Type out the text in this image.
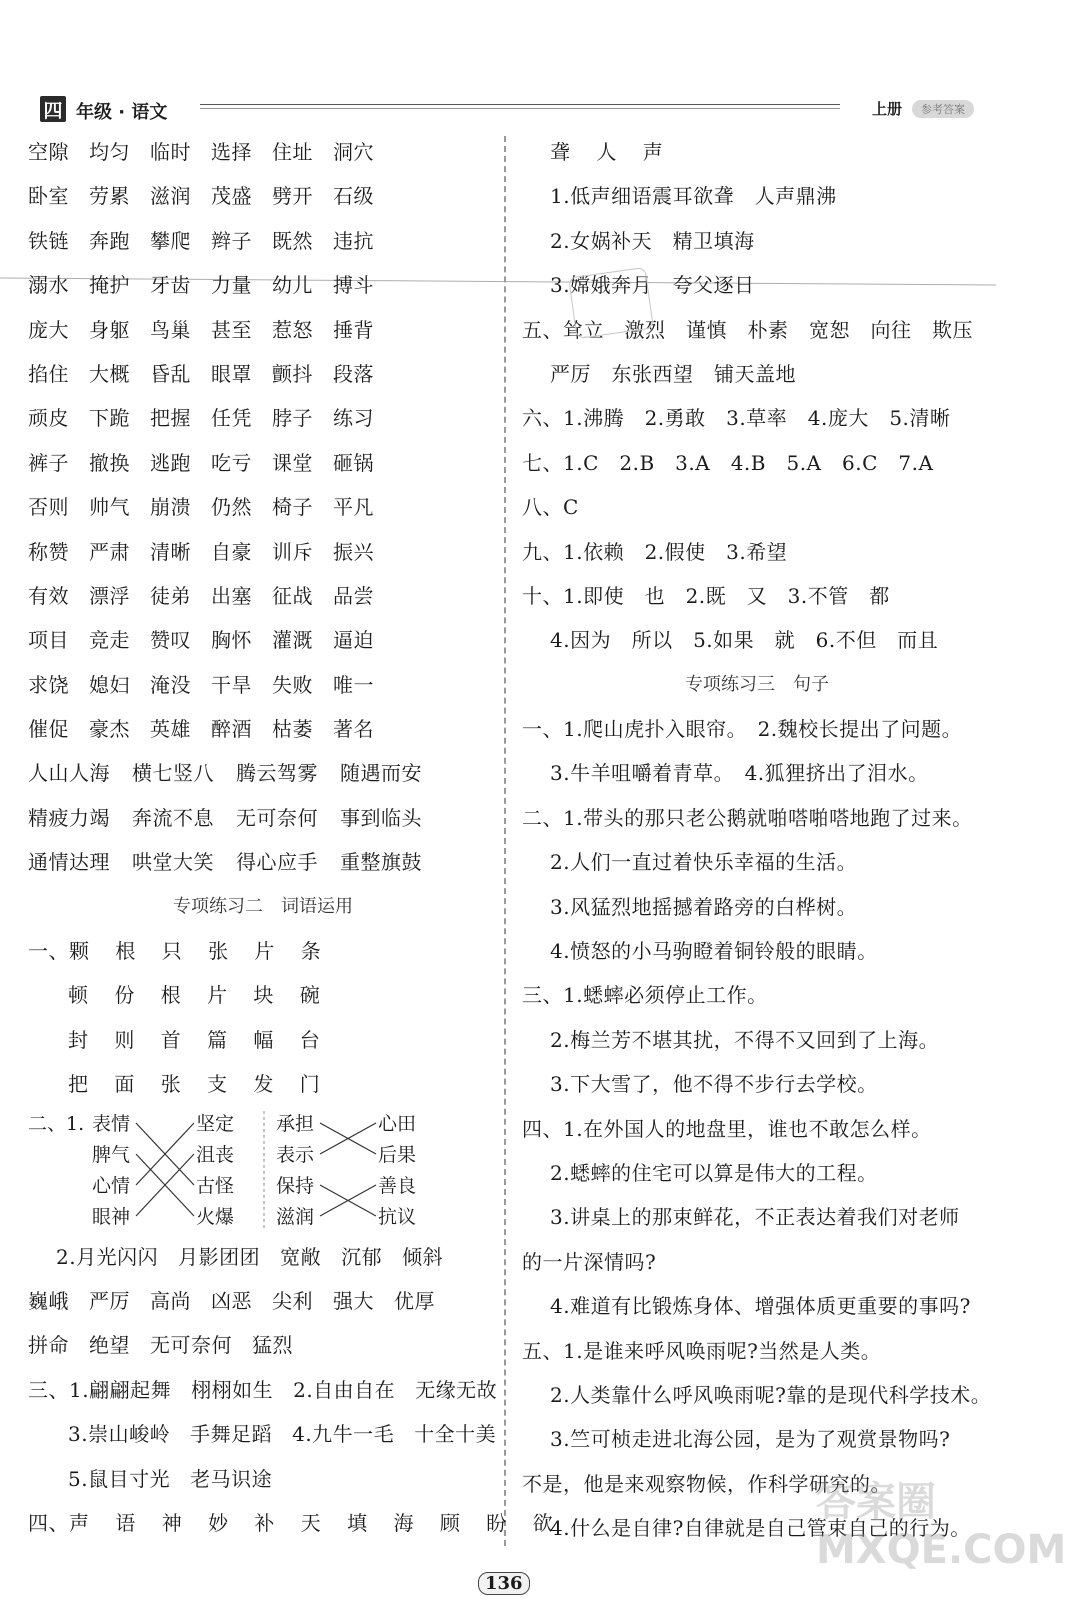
四 年级 · 语文	上册	参考答案
空隙 均匀 临时 选择 住址 洞穴
卧室 劳累 滋润 茂盛 劈开 石级
铁链 奔跑 攀爬 辫子 既然 违抗
溺水 掩护 牙齿 力量 幼儿 搏斗
庞大 身躯 鸟巢 甚至 惹怒 捶背
掐住 大概 昏乱 眼罩 颤抖 段落
顽皮 下跪 把握 任凭 脖子 练习
裤子 撤换 逃跑 吃亏 课堂 砸锅
否则 帅气 崩溃 仍然 椅子 平凡
称赞 严肃 清晰 自豪 训斥 振兴
有效 漂浮 徒弟 出塞 征战 品尝
项目 竞走 赞叹 胸怀 灌溉 逼迫
求饶 媳妇 淹没 干旱 失败 唯一
催促 豪杰 英雄 醉酒 枯萎 著名
人山人海 横七竖八 腾云驾雾 随遇而安
精疲力竭 奔流不息 无可奈何 事到临头
通情达理 哄堂大笑 得心应手 重整旗鼓
专项练习二　词语运用
一、颗 根 只 张 片 条
顿 份 根 片 块 碗
封 则 首 篇 幅 台
把 面 张 支 发 门
二、1. 表情
脾气
心情
眼神
坚定
沮丧
古怪
火爆
承担
表示
保持
滋润
心田
后果
善良
抗议
2.月光闪闪 月影团团 宽敞 沉郁 倾斜
巍峨 严厉 高尚 凶恶 尖利 强大 优厚
拼命 绝望 无可奈何 猛烈
三、1.翩翩起舞 栩栩如生 2.自由自在 无缘无故
3.崇山峻岭 手舞足蹈 4.九牛一毛 十全十美
5.鼠目寸光 老马识途
四、声 语 神 妙 补 天 填 海 顾 盼 欲
聋 人 声
1.低声细语震耳欲聋　人声鼎沸
2.女娲补天　精卫填海
3.嫦娥奔月　夸父逐日
五、耸立　激烈　谨慎　朴素　宽恕　向往　欺压
严厉　东张西望　铺天盖地
六、1.沸腾　2.勇敢　3.草率　4.庞大　5.清晰
七、1.C　2.B　3.A　4.B　5.A　6.C　7.A
八、C
九、1.依赖　2.假使　3.希望
十、1.即使　也　2.既　又　3.不管　都
4.因为　所以　5.如果　就　6.不但　而且
专项练习三　句子
一、1.爬山虎扑入眼帘。　2.魏校长提出了问题。
3.牛羊咀嚼着青草。　4.狐狸挤出了泪水。
二、1.带头的那只老公鹅就啪嗒啪嗒地跑了过来。
2.人们一直过着快乐幸福的生活。
3.风猛烈地摇撼着路旁的白桦树。
4.愤怒的小马驹瞪着铜铃般的眼睛。
三、1.蟋蟀必须停止工作。
2.梅兰芳不堪其扰，不得不又回到了上海。
3.下大雪了，他不得不步行去学校。
四、1.在外国人的地盘里，谁也不敢怎么样。
2.蟋蟀的住宅可以算是伟大的工程。
3.讲桌上的那束鲜花，不正表达着我们对老师
的一片深情吗?
4.难道有比锻炼身体、增强体质更重要的事吗?
五、1.是谁来呼风唤雨呢?当然是人类。
2.人类靠什么呼风唤雨呢?靠的是现代科学技术。
3.竺可桢走进北海公园，是为了观赏景物吗?
不是，他是来观察物候，作科学研究的。
4.什么是自律?自律就是自己管束自己的行为。
答案圈 MXQE.COM
136
